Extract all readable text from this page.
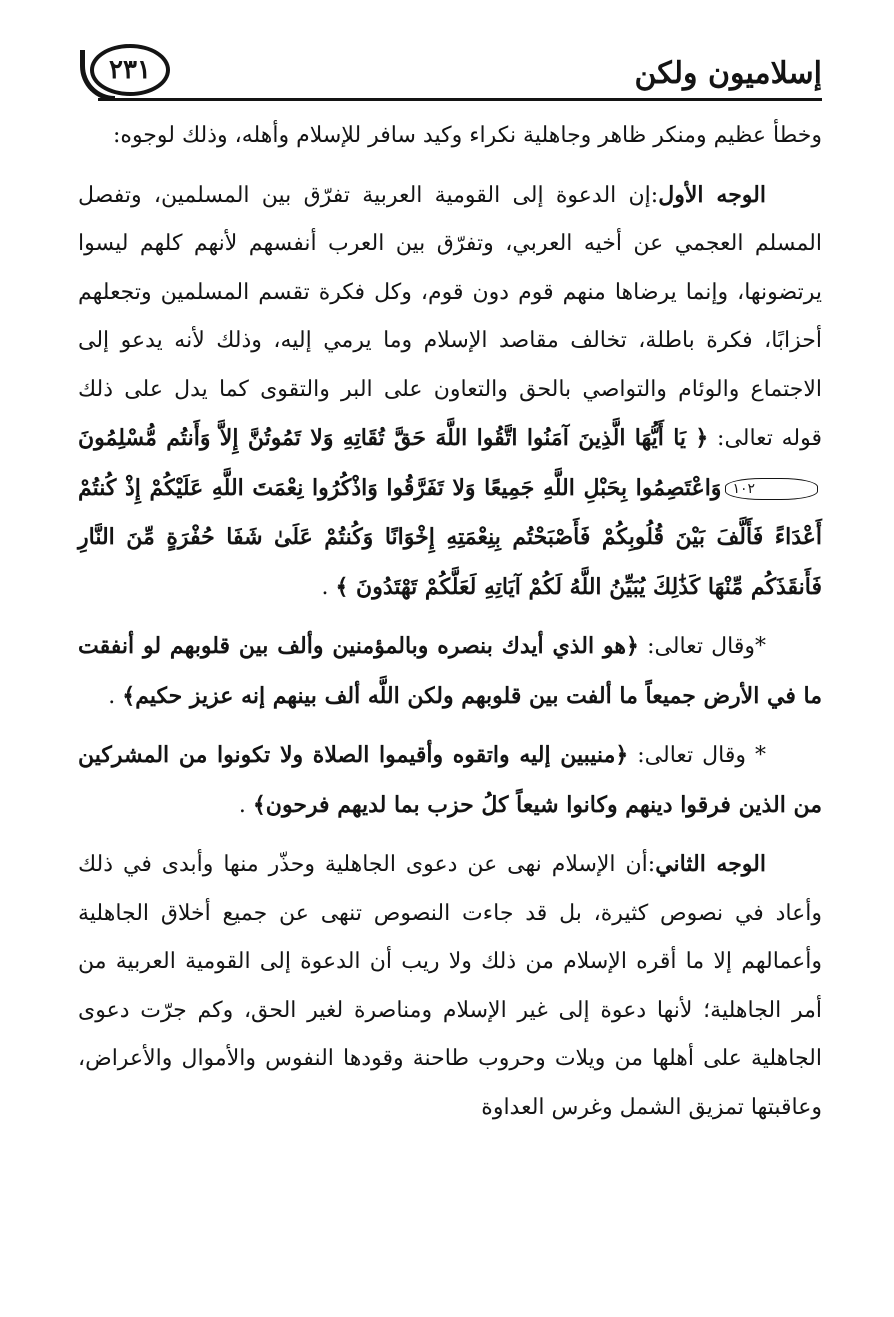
إسلاميون ولكن
٢٣١

وخطأ عظيم ومنكر ظاهر وجاهلية نكراء وكيد سافر للإسلام وأهله، وذلك لوجوه:

الوجه الأول:إن الدعوة إلى القومية العربية تفرّق بين المسلمين، وتفصل المسلم العجمي عن أخيه العربي، وتفرّق بين العرب أنفسهم لأنهم كلهم ليسوا يرتضونها، وإنما يرضاها منهم قوم دون قوم، وكل فكرة تقسم المسلمين وتجعلهم أحزابًا، فكرة باطلة، تخالف مقاصد الإسلام وما يرمي إليه، وذلك لأنه يدعو إلى الاجتماع والوئام والتواصي بالحق والتعاون على البر والتقوى كما يدل على ذلك قوله تعالى: ﴿ يَا أَيُّهَا الَّذِينَ آمَنُوا اتَّقُوا اللَّهَ حَقَّ تُقَاتِهِ وَلا تَمُوتُنَّ إِلاَّ وَأَنتُم مُّسْلِمُونَ١٠٢وَاعْتَصِمُوا بِحَبْلِ اللَّهِ جَمِيعًا وَلا تَفَرَّقُوا وَاذْكُرُوا نِعْمَتَ اللَّهِ عَلَيْكُمْ إِذْ كُنتُمْ أَعْدَاءً فَأَلَّفَ بَيْنَ قُلُوبِكُمْ فَأَصْبَحْتُم بِنِعْمَتِهِ إِخْوَانًا وَكُنتُمْ عَلَىٰ شَفَا حُفْرَةٍ مِّنَ النَّارِ فَأَنقَذَكُم مِّنْهَا كَذَٰلِكَ يُبَيِّنُ اللَّهُ لَكُمْ آيَاتِهِ لَعَلَّكُمْ تَهْتَدُونَ ﴾ .

*وقال تعالى: ﴿هو الذي أيدك بنصره وبالمؤمنين وألف بين قلوبهم لو أنفقت ما في الأرض جميعاً ما ألفت بين قلوبهم ولكن اللَّه ألف بينهم إنه عزيز حكيم﴾ .

* وقال تعالى: ﴿منيبين إليه واتقوه وأقيموا الصلاة ولا تكونوا من المشركين من الذين فرقوا دينهم وكانوا شيعاً كلُ حزب بما لديهم فرحون﴾ .

الوجه الثاني:أن الإسلام نهى عن دعوى الجاهلية وحذّر منها وأبدى في ذلك وأعاد في نصوص كثيرة، بل قد جاءت النصوص تنهى عن جميع أخلاق الجاهلية وأعمالهم إلا ما أقره الإسلام من ذلك ولا ريب أن الدعوة إلى القومية العربية من أمر الجاهلية؛ لأنها دعوة إلى غير الإسلام ومناصرة لغير الحق، وكم جرّت دعوى الجاهلية على أهلها من ويلات وحروب طاحنة وقودها النفوس والأموال والأعراض، وعاقبتها تمزيق الشمل وغرس العداوة
